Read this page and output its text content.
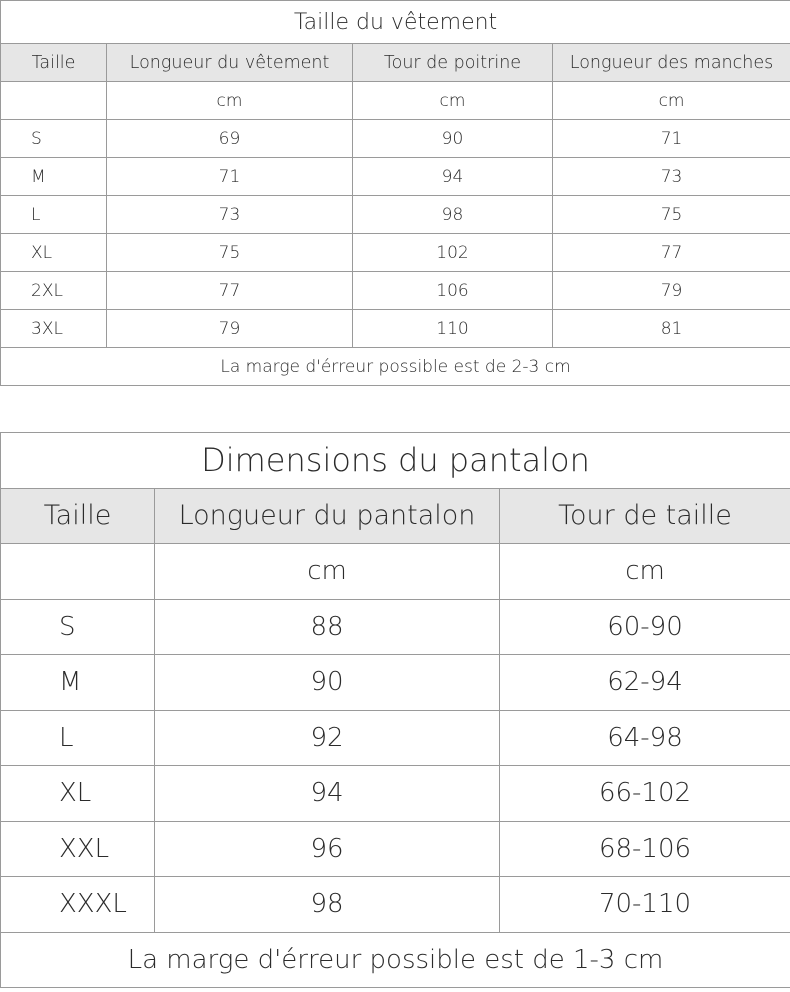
Taille du vêtement			
Taille	Longueur du vêtement	Tour de poitrine	Longueur des manches
	cm	cm	cm
S	69	90	71
M	71	94	73
L	73	98	75
XL	75	102	77
2XL	77	106	79
3XL	79	110	81
La marge d'érreur possible est de 2-3 cm			
Dimensions du pantalon		
Taille	Longueur du pantalon	Tour de taille
	cm	cm
S	88	60-90
M	90	62-94
L	92	64-98
XL	94	66-102
XXL	96	68-106
XXXL	98	70-110
La marge d'érreur possible est de 1-3 cm		
